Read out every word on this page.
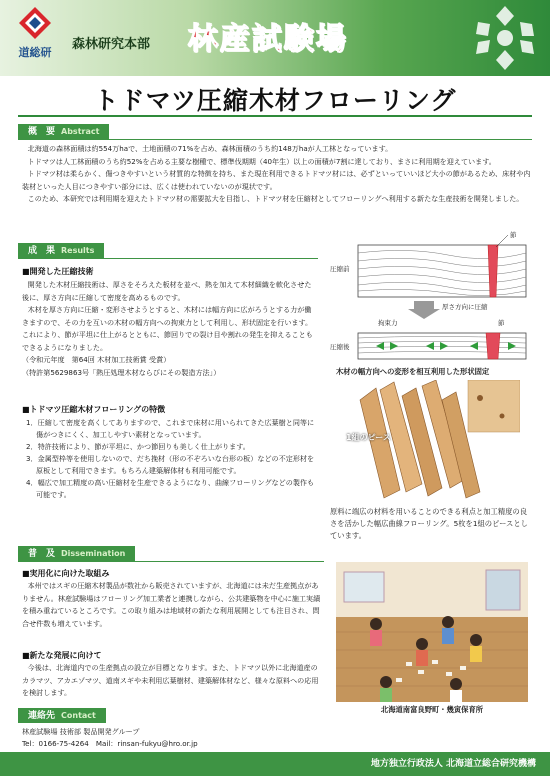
道総研
森林研究本部 林産試験場
トドマツ圧縮木材フローリング
概　要 Abstract

北海道の森林面積は約554万haで、土地面積の71%を占め、森林面積のうち約148万haが人工林となっています。

トドマツは人工林面積のうち約52%を占める主要な樹種で、標準伐期期（40年生）以上の面積が7割に達しており、まさに利用期を迎えています。

トドマツ材は柔らかく、傷つきやすいという材質的な特徴を持ち、また現在利用できるトドマツ材には、必ずといっていいほど大小の節があるため、床材や内装材といった人目につきやすい部分には、広くは使われていないのが現状です。

このため、本研究では利用期を迎えたトドマツ材の需要拡大を目指し、トドマツ材を圧縮材としてフローリングへ利用する新たな生産技術を開発しました。

成　果 Results
■開発した圧縮技術

開発した木材圧縮技術は、厚さをそろえた板材を並べ、熱を加えて木材細織を軟化させた後に、厚さ方向に圧縮して密度を高めるものです。

木材を厚さ方向に圧縮・変形させようとすると、木材には幅方向に広がろうとする力が働きますので、その力を互いの木材の幅方向への拘束力として利用し、形状固定を行います。これにより、節が平坦に仕上がるとともに、節回りでの裂け目や割れの発生を抑えることもできるようになりました。

（令和元年度　第64回 木材加工技術賞 受賞）

（特許第5629863号「熱圧処理木材ならびにその製造方法」）

■トドマツ圧縮木材フローリングの特徴
1．圧縮して密度を高くしてありますので、これまで床材に用いられてきた広葉樹と同等に傷がつきにくく、加工しやすい素材となっています。
2．特許技術により、節が平坦に、かつ節回りも美しく仕上がります。
3．金属型枠等を使用しないので、だち挽材（形の不ぞろいな台形の板）などの不定形材を原板として利用できます。もちろん建築解体材も利用可能です。
4．幅広で加工精度の高い圧縮材を生産できるようになり、曲線フローリングなどの製作も可能です。
圧縮前
節
厚さ方向に圧縮
圧縮後
拘束力	節
木材の幅方向への変形を相互利用した形状固定
1組のピース
原料に端広の材料を用いることのできる利点と加工精度の良さを活かした幅広曲線フローリング。5枚を1組のピースとしています。
普　及 Dissemination
■実用化に向けた取組み

本州ではスギの圧縮木材製品が数社から販売されていますが、北海道には未だ生産拠点がありません。林産試験場はフローリング加工業者と連携しながら、公共建築物を中心に施工実績を積み重ねているところです。この取り組みは地域材の新たな利用展開としても注目され、問合せ件数も増えています。

■新たな発展に向けて

今後は、北海道内での生産拠点の設立が目標となります。また、トドマツ以外に北海道産のカラマツ、アカエゾマツ、道南スギや未利用広葉樹材、建築解体材など、様々な原料への応用を検討します。

北海道南富良野町・幾寅保育所
連絡先 Contact
林産試験場 技術部 製品開発グループ
Tel：0166-75-4264　Mail：rinsan-fukyu@hro.or.jp
地方独立行政法人 北海道立総合研究機構
